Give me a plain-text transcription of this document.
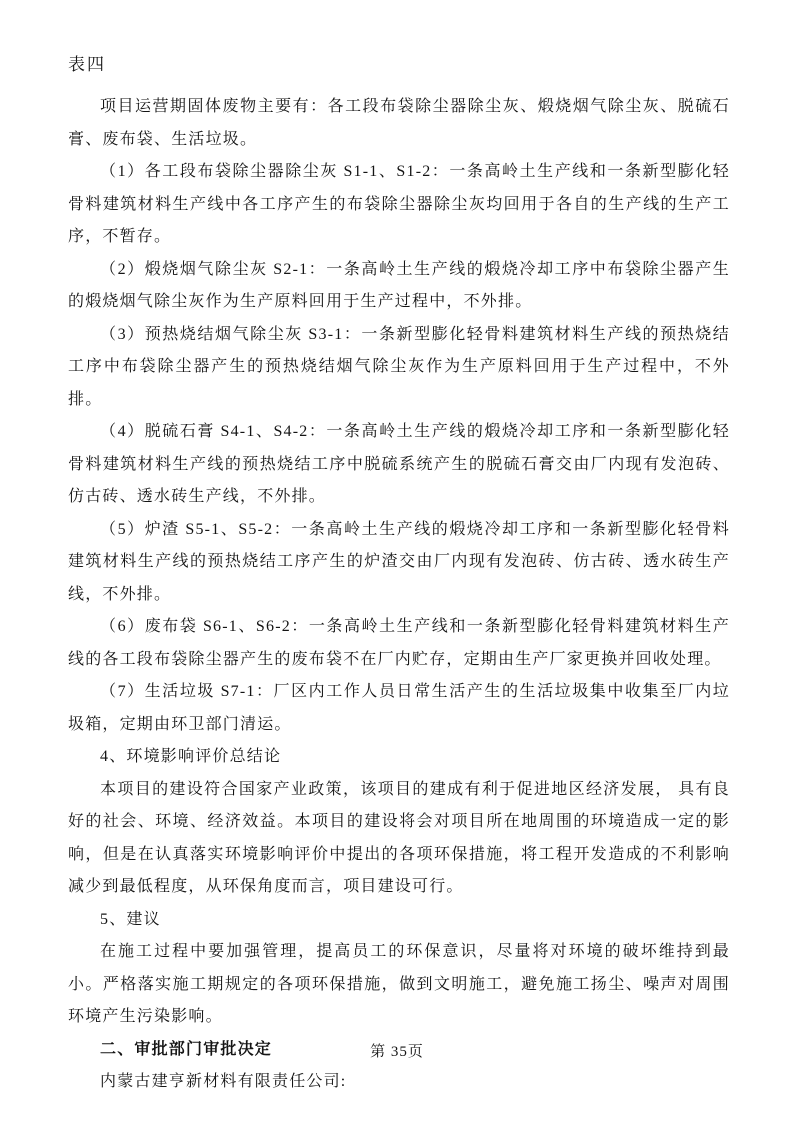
表四

项目运营期固体废物主要有：各工段布袋除尘器除尘灰、煅烧烟气除尘灰、脱硫石膏、废布袋、生活垃圾。

（1）各工段布袋除尘器除尘灰 S1-1、S1-2：一条高岭土生产线和一条新型膨化轻骨料建筑材料生产线中各工序产生的布袋除尘器除尘灰均回用于各自的生产线的生产工序，不暂存。

（2）煅烧烟气除尘灰 S2-1：一条高岭土生产线的煅烧冷却工序中布袋除尘器产生的煅烧烟气除尘灰作为生产原料回用于生产过程中，不外排。

（3）预热烧结烟气除尘灰 S3-1：一条新型膨化轻骨料建筑材料生产线的预热烧结工序中布袋除尘器产生的预热烧结烟气除尘灰作为生产原料回用于生产过程中，不外排。

（4）脱硫石膏 S4-1、S4-2：一条高岭土生产线的煅烧冷却工序和一条新型膨化轻骨料建筑材料生产线的预热烧结工序中脱硫系统产生的脱硫石膏交由厂内现有发泡砖、仿古砖、透水砖生产线，不外排。

（5）炉渣 S5-1、S5-2：一条高岭土生产线的煅烧冷却工序和一条新型膨化轻骨料建筑材料生产线的预热烧结工序产生的炉渣交由厂内现有发泡砖、仿古砖、透水砖生产线，不外排。

（6）废布袋 S6-1、S6-2：一条高岭土生产线和一条新型膨化轻骨料建筑材料生产线的各工段布袋除尘器产生的废布袋不在厂内贮存，定期由生产厂家更换并回收处理。

（7）生活垃圾 S7-1：厂区内工作人员日常生活产生的生活垃圾集中收集至厂内垃圾箱，定期由环卫部门清运。

4、环境影响评价总结论

本项目的建设符合国家产业政策，该项目的建成有利于促进地区经济发展， 具有良好的社会、环境、经济效益。本项目的建设将会对项目所在地周围的环境造成一定的影响，但是在认真落实环境影响评价中提出的各项环保措施，将工程开发造成的不利影响减少到最低程度，从环保角度而言，项目建设可行。

5、建议

在施工过程中要加强管理，提高员工的环保意识，尽量将对环境的破坏维持到最小。严格落实施工期规定的各项环保措施，做到文明施工，避免施工扬尘、噪声对周围环境产生污染影响。

二、审批部门审批决定

内蒙古建亨新材料有限责任公司:

第 35页
